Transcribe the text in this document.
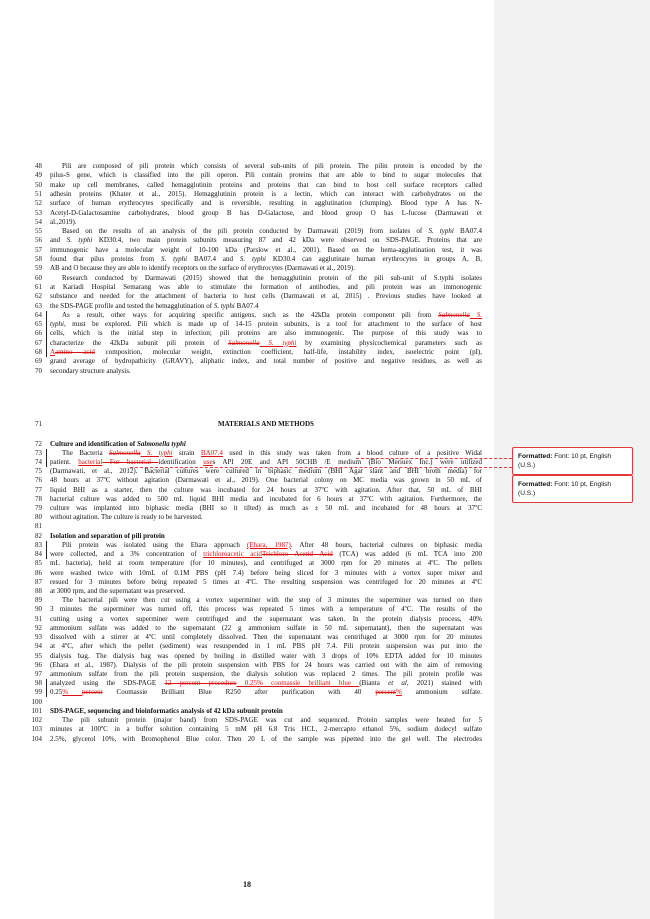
48	Pili are composed of pili protein which consists of several sub-units of pili protein. The pilin protein is encoded by the
49 pilus-S gene, which is classified into the pili operon. Pili contain proteins that are able to bind to sugar molecules that
50 make up cell membranes, called hemagglutinin proteins and proteins that can bind to host cell surface receptors called
51 adhesin proteins (Khater et al., 2015). Hemagglutinin protein is a lectin, which can interact with carbohydrates on the
52 surface of human erythrocytes specifically and is reversible, resulting in agglutination (clumping). Blood type A has N-
53 Acetyl-D-Galactosamine carbohydrates, blood group B has D-Galactose, and blood group O has L-fucose (Darmawati et
54 al.,2019).
55	Based on the results of an analysis of the pili protein conducted by Darmawati (2019) from isolates of S. typhi BA07.4
56 and S. typhi KD30.4, two main protein subunits measuring 87 and 42 kDa were observed on SDS-PAGE. Proteins that are
57 immunogenic have a molecular weight of 10-100 kDa (Parslow et al., 2001). Based on the hema-agglutination test, it was
58 found that pilus proteins from S. typhi BA07.4 and S. typhi KD30.4 can agglutinate human erythrocytes in groups A, B,
59 AB and O because they are able to identify receptors on the surface of erythrocytes (Darmawati et al., 2019).
60	Research conducted by Darmawati (2015) showed that the hemagglutinin protein of the pili sub-unit of S.typhi isolates
61 at Kariadi Hospital Semarang was able to stimulate the formation of antibodies, and pili protein was an immonogenic
62 substance and needed for the attachment of bacteria to host cells (Darmawati et al, 2015) . Previous studies have looked at
63 the SDS-PAGE profile and tested the hemagglutination of S. typhi BA07.4
64	As a result, other ways for acquiring specific antigens, such as the 42kDa protein component pili from Salmonella S.
65 typhi, must be explored. Pili which is made up of 14-15 protein subunits, is a tool for attachment to the surface of host
66 cells, which is the initial step in infection; pili proteins are also immunogenic. The purpose of this study was to
67 characterize the 42kDa subunit pili protein of Salmonella S. typhi by examining physicochemical parameters such as
68 Aamino acid composition, molecular weight, extinction coefficient, half-life, instability index, isoelectric point (pI),
69 grand average of hydropathicity (GRAVY), aliphatic index, and total number of positive and negative residues, as well as
70 secondary structure analysis.
71
72 Culture and identification of Salmonella typhi
73	The Bacteria Salmonella S. typhi strain BA07.4 used in this study was taken from a blood culture of a positive Widal
74 patient. bacterial For bacterial identification uses API 20E and API 50CHB /E medium (Bio Meriuex Inc.) were utilized
75 (Darmawati, et al., 2012). Bacterial cultures were cultured in biphasic medium (BHI Agar slant and BHI broth media) for
76 48 hours at 37ºC without agitation (Darmawati et al., 2019). One bacterial colony on MC media was grown in 50 mL of
77 liquid BHI as a starter, then the culture was incubated for 24 hours at 37ºC with agitation. After that, 50 mL of BHI
78 bacterial culture was added to 500 mL liquid BHI media and incubated for 6 hours at 37ºC with agitation. Furthermore, the
79 culture was implanted into biphasic media (BHI so it tilted) as much as ± 50 mL and incubated for 48 hours at 37ºC
80 without agitation. The culture is ready to be harvested.
81
82 Isolation and separation of pili protein
83	Pili protein was isolated using the Ehara approach (Ehara, 1987). After 48 hours, bacterial cultures on biphasic media
84 were collected, and a 3% concentration of trichloroacetic acidTrichloro Acetid Acid (TCA) was added (6 mL TCA into 200
85 mL bacteria), held at room temperature (for 10 minutes), and centrifuged at 3000 rpm for 20 minutes at 4ºC. The pellets
86 were washed twice with 10mL of 0.1M PBS (pH 7.4) before being sliced for 3 minutes with a vortex super mixer and
87 resued for 3 minutes before being repeated 5 times at 4ºC. The resulting suspension was centrifuged for 20 minutes at 4ºC
88 at 3000 rpm, and the supernatant was preserved.
89	The bacterial pili were then cut using a vortex superminer with the step of 3 minutes the superminer was turned on then
90 3 minutes the superminer was turned off, this process was repeated 5 times with a temperature of 4ºC. The results of the
91 cutting using a vortex superminer were centrifuged and the supernatant was taken. In the protein dialysis process, 40%
92 ammonium sulfate was added to the supernatant (22 g ammonium sulfate in 50 mL supernatant), then the supernatant was
93 dissolved with a stirrer at 4ºC until completely dissolved. Then the supernatant was centrifuged at 3000 rpm for 20 minutes
94 at 4ºC, after which the pellet (sediment) was resuspended in 1 mL PBS pH 7.4. Pili protein suspension was put into the
95 dialysis bag. The dialysis bag was opened by boiling in distilled water with 3 drops of 10% EDTA added for 10 minutes
96 (Ehara et al., 1987). Dialysis of the pili protein suspension with PBS for 24 hours was carried out with the aim of removing
97 ammonium sulfate from the pili protein suspension, the dialysis solution was replaced 2 times. The pili protein profile was
98 analyzed using the SDS-PAGE 12 percent procedure 0.25% coomassie brilliant blue (Bianta et al, 2021) stained with
99 0.25% percent Coomassie Brilliant Blue R250 after purification with 40 percent% ammonium sulfate.
100
101 SDS-PAGE, sequencing and bioinformatics analysis of 42 kDa subunit protein
102	The pili subunit protein (major band) from SDS-PAGE was cut and sequenced. Protein samples were heated for 5
103 minutes at 100ºC in a buffer solution containing 5 mM pH 6.8 Tris HCL, 2-mercapto ethanol 5%, sodium dodecyl sulfate
104 2.5%, glycerol 10%, with Bromophenol Blue color. Then 20 L of the sample was pipetted into the gel well. The electrodes
MATERIALS AND METHODS
Formatted: Font: 10 pt, English (U.S.)
Formatted: Font: 10 pt, English (U.S.)
18
